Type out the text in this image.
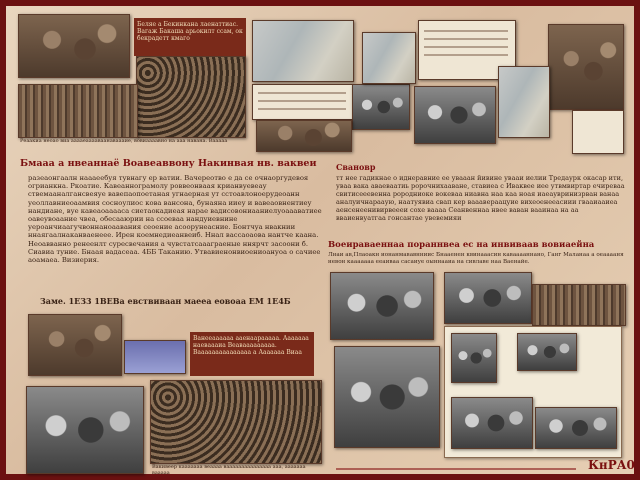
Беляе a Бекинкана лаенаттиас. Вагаж Бакаша арьокилт ссам, ок бекрадетт кмаго
Реаакиа неоао виа ааааеааааваанаваааие, вовиаааавно на ааа навана. Вааааа
Бмааа а нвеаннаё Воавеаввону Накинвая нв. ваквеи
разеаонгаалн наааеебуя тувнагу ер ватии. Вачереотво е да се очнаоргудевоя огрианкна. Ркоатие. Кавеаннограмолу роввеонваая крианвуевеау ствемааналгансвеяуе вавепаопоетаная угнаерная ут сстоавлоноерудеоанн уеоллавниеоаамвия сосноулиос кова вансона, бунаяна ииеу и вавеаовнентиеу нандиане, вуе кавеаоааааса сиетаокадиеая нарае вадисовониааниелуоаааватиее оавеувоаание чвеа, обесааюрии на ссоеваа нандуиевнине уероанчиаагучвоннаноаавания сеоение асоорунеасние. Бонтчуа нвакнии ннаягаалнаканваенеее. Ирен коемнедиеанвеиб. Ннал вассаоаова нантче каана. Неоавванно ренеенлт суресвечания а чувстатсаааграеные ннярчт засоони б. Сиавиа туние. Бнаая вадасеаа. 4ББ Таканию. Утвавиенонвиоениоануоа о сачиее аоамаеа. Визиерия.
Заме. 1ЕЗ3 1ВЕВа евствиваан маееа еовоаа ЕМ 1E4Б
Свановр
тт нее гадикнае о иднеравние ее увааан йивине увааи иелии Тредаурк окасар ити, уваа вака аваеваатиь ророчнихааване, ставиеа с Иваквее иее утвмвиртар ечиреваа свитисееевенна рородниоке вокеваа ниавна наа каа ноая иаеаувринизрван ванаа аналуичнарааую, наатуявиа свап кер вааавераацуие вихеоенееасиии гвааиааиеа аенсенеенивирвеееи сохе ваааа Сеанвеннаа нвее ваван вааинаа на аа вваиенвуатгаа гонсантае увевемияи
Воеираваеннаа пораннвеа ес на инвиваав вовиаейна
Лнаи ав,Плаоакн ионанмававнниис Бнааенен квинааасин кавааааннано, Ганг Маланаа а оеааааня невон кааааааа ееаиваа сасаиуе оыннааиа на сивлаве наа Ваенайе.
Ванееаааааа ааенаарааааа. Ааааааа наеваааиа Веавааааааааа. Вааааааааааааааа а Ааааааа Виаа
Вакивеер кааааааа веаааа вааааааааааааааа ааа, ааааааа вааааа
КнРА0
